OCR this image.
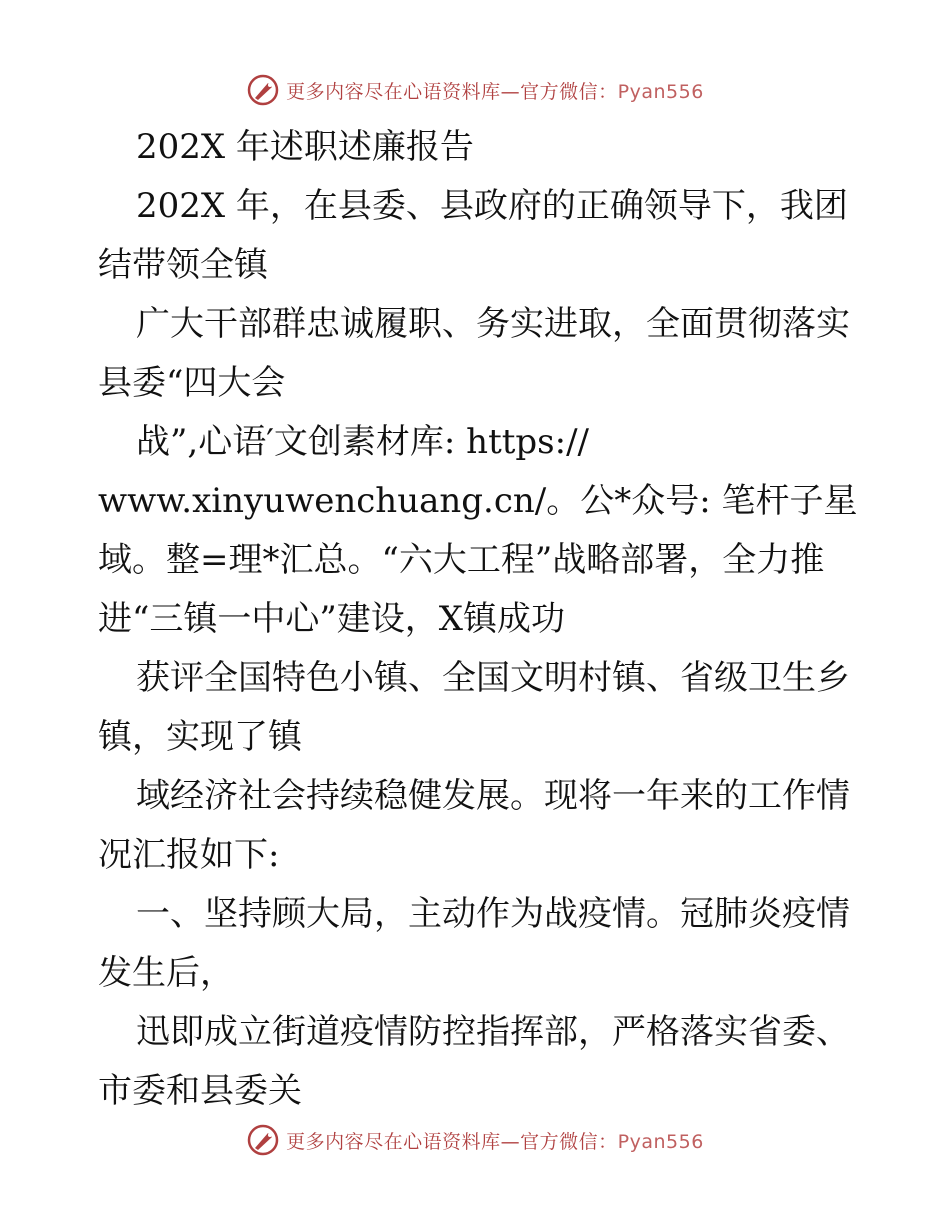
更多内容尽在心语资料库—官方微信：Pyan556
202X 年述职述廉报告
202X 年，在县委、县政府的正确领导下，我团
结带领全镇
广大干部群忠诚履职、务实进取，全面贯彻落实
县委“四大会
战”,心语′文创素材库: https://
www.xinyuwenchuang.cn/。公*众号: 笔杆子星
域。整=理*汇总。“六大工程”战略部署，全力推
进“三镇一中心”建设，X镇成功
获评全国特色小镇、全国文明村镇、省级卫生乡
镇，实现了镇
域经济社会持续稳健发展。现将一年来的工作情
况汇报如下:
一、坚持顾大局，主动作为战疫情。冠肺炎疫情
发生后，
迅即成立街道疫情防控指挥部，严格落实省委、
市委和县委关
更多内容尽在心语资料库—官方微信：Pyan556
